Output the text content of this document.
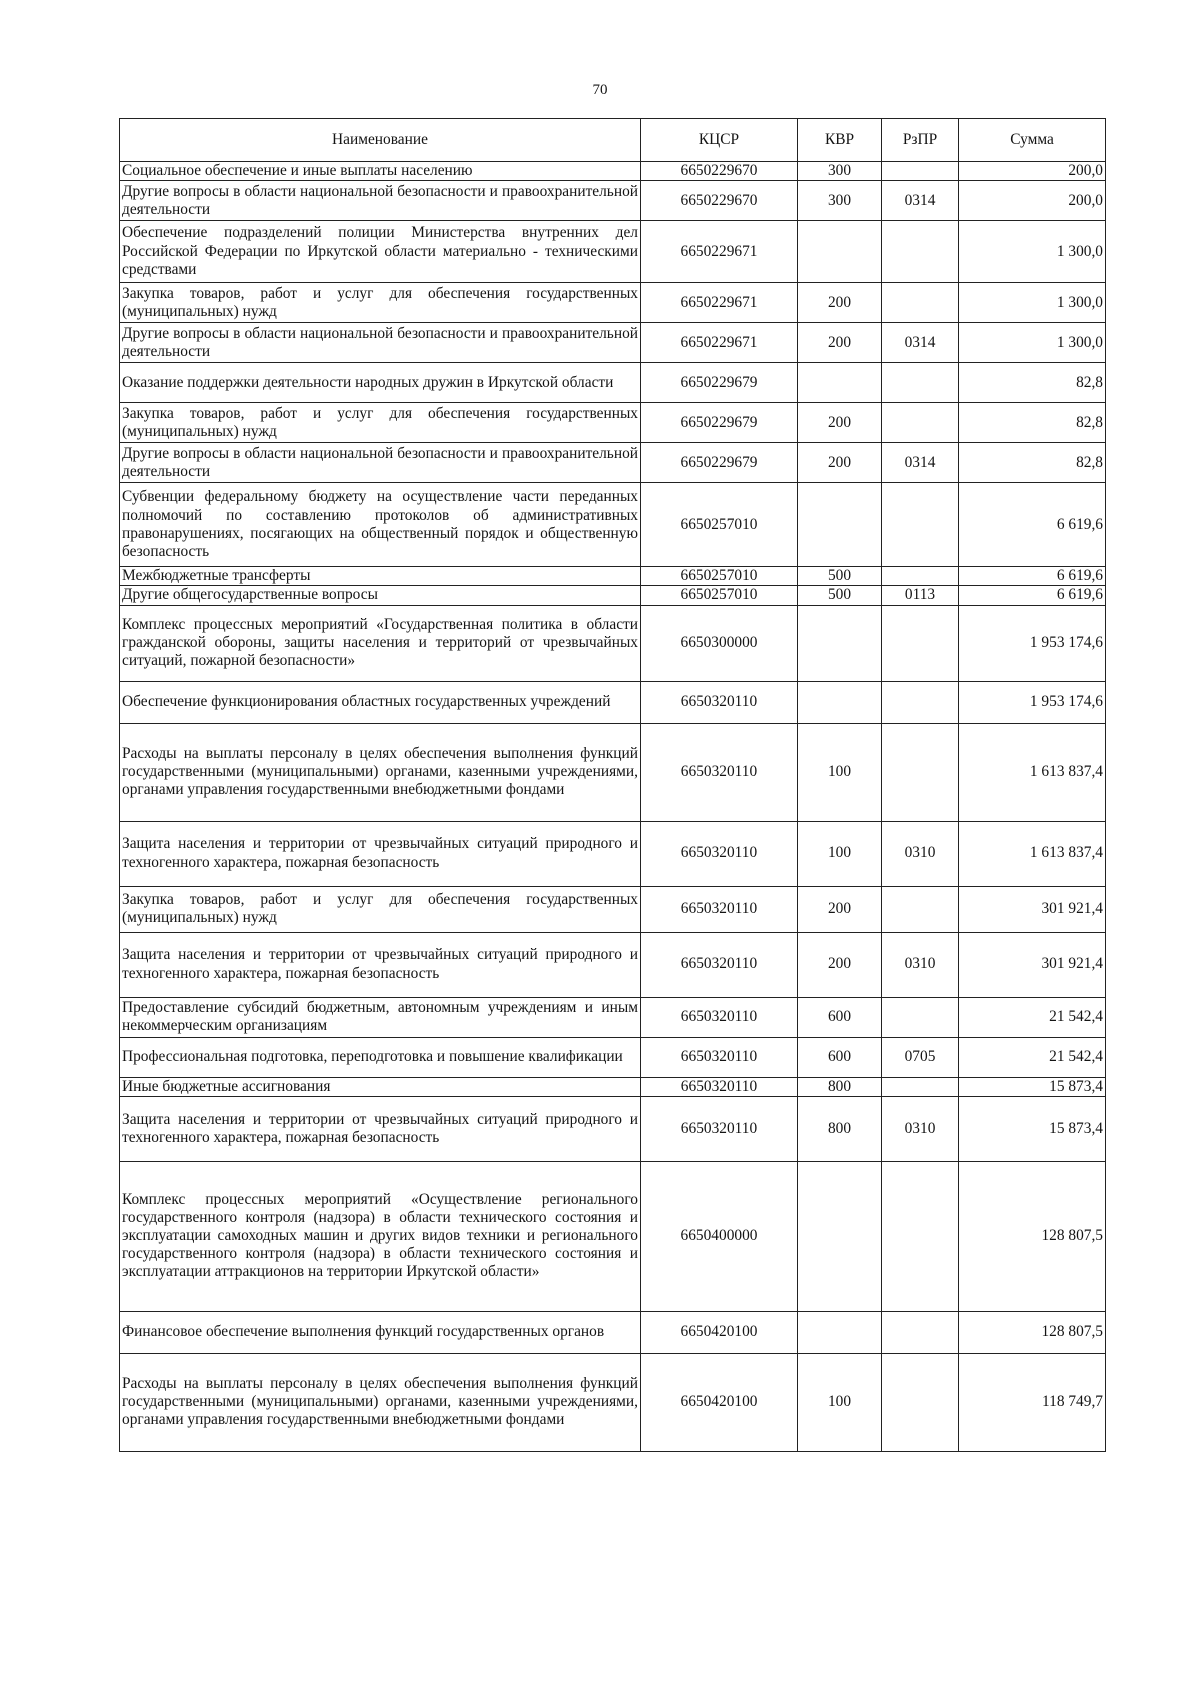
70
Наименование	КЦСР	КВР	РзПР	Сумма
Социальное обеспечение и иные выплаты населению	6650229670	300		200,0
Другие вопросы в области национальной безопасности и правоохранительной деятельности	6650229670	300	0314	200,0
Обеспечение подразделений полиции Министерства внутренних дел Российской Федерации по Иркутской области материально - техническими средствами	6650229671			1 300,0
Закупка товаров, работ и услуг для обеспечения государственных (муниципальных) нужд	6650229671	200		1 300,0
Другие вопросы в области национальной безопасности и правоохранительной деятельности	6650229671	200	0314	1 300,0
Оказание поддержки деятельности народных дружин в Иркутской области	6650229679			82,8
Закупка товаров, работ и услуг для обеспечения государственных (муниципальных) нужд	6650229679	200		82,8
Другие вопросы в области национальной безопасности и правоохранительной деятельности	6650229679	200	0314	82,8
Субвенции федеральному бюджету на осуществление части переданных полномочий по составлению протоколов об административных правонарушениях, посягающих на общественный порядок и общественную безопасность	6650257010			6 619,6
Межбюджетные трансферты	6650257010	500		6 619,6
Другие общегосударственные вопросы	6650257010	500	0113	6 619,6
Комплекс процессных мероприятий «Государственная политика в области гражданской обороны, защиты населения и территорий от чрезвычайных ситуаций, пожарной безопасности»	6650300000			1 953 174,6
Обеспечение функционирования областных государственных учреждений	6650320110			1 953 174,6
Расходы на выплаты персоналу в целях обеспечения выполнения функций государственными (муниципальными) органами, казенными учреждениями, органами управления государственными внебюджетными фондами	6650320110	100		1 613 837,4
Защита населения и территории от чрезвычайных ситуаций природного и техногенного характера, пожарная безопасность	6650320110	100	0310	1 613 837,4
Закупка товаров, работ и услуг для обеспечения государственных (муниципальных) нужд	6650320110	200		301 921,4
Защита населения и территории от чрезвычайных ситуаций природного и техногенного характера, пожарная безопасность	6650320110	200	0310	301 921,4
Предоставление субсидий бюджетным, автономным учреждениям и иным некоммерческим организациям	6650320110	600		21 542,4
Профессиональная подготовка, переподготовка и повышение квалификации	6650320110	600	0705	21 542,4
Иные бюджетные ассигнования	6650320110	800		15 873,4
Защита населения и территории от чрезвычайных ситуаций природного и техногенного характера, пожарная безопасность	6650320110	800	0310	15 873,4
Комплекс процессных мероприятий «Осуществление регионального государственного контроля (надзора) в области технического состояния и эксплуатации самоходных машин и других видов техники и регионального государственного контроля (надзора) в области технического состояния и эксплуатации аттракционов на территории Иркутской области»	6650400000			128 807,5
Финансовое обеспечение выполнения функций государственных органов	6650420100			128 807,5
Расходы на выплаты персоналу в целях обеспечения выполнения функций государственными (муниципальными) органами, казенными учреждениями, органами управления государственными внебюджетными фондами	6650420100	100		118 749,7
